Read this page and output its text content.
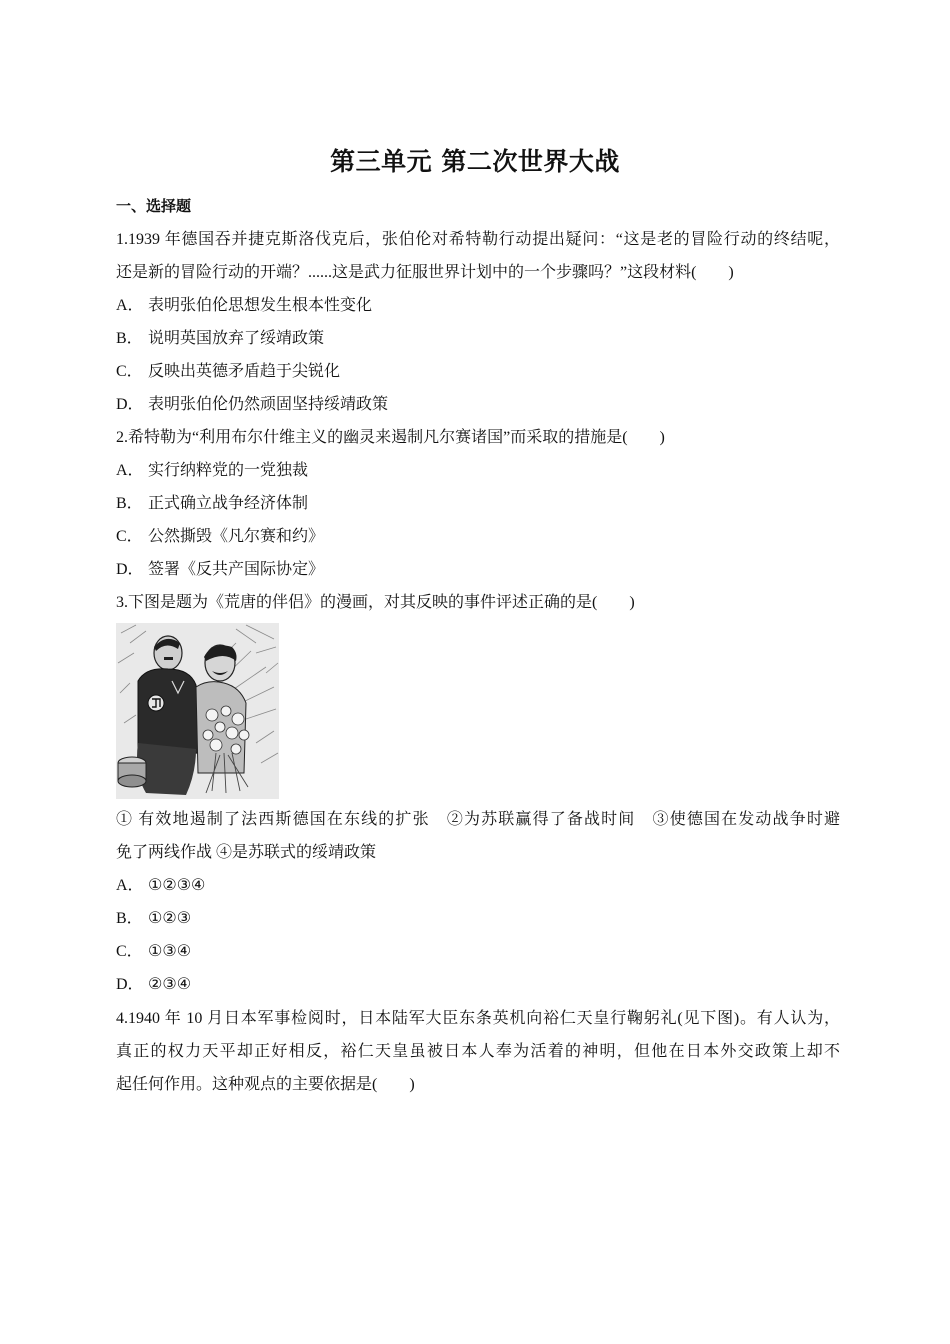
第三单元 第二次世界大战
一、选择题
1.1939 年德国吞并捷克斯洛伐克后，张伯伦对希特勒行动提出疑问：“这是老的冒险行动的终结呢，
还是新的冒险行动的开端？......这是武力征服世界计划中的一个步骤吗？”这段材料(　　)
A． 表明张伯伦思想发生根本性变化
B． 说明英国放弃了绥靖政策
C． 反映出英德矛盾趋于尖锐化
D． 表明张伯伦仍然顽固坚持绥靖政策
2.希特勒为“利用布尔什维主义的幽灵来遏制凡尔赛诸国”而采取的措施是(　　)
A． 实行纳粹党的一党独裁
B． 正式确立战争经济体制
C． 公然撕毁《凡尔赛和约》
D． 签署《反共产国际协定》
3.下图是题为《荒唐的伴侣》的漫画，对其反映的事件评述正确的是(　　)
① 有效地遏制了法西斯德国在东线的扩张　②为苏联赢得了备战时间　③使德国在发动战争时避
免了两线作战 ④是苏联式的绥靖政策
A． ①②③④
B． ①②③
C． ①③④
D． ②③④
4.1940 年 10 月日本军事检阅时，日本陆军大臣东条英机向裕仁天皇行鞠躬礼(见下图)。有人认为，
真正的权力天平却正好相反，裕仁天皇虽被日本人奉为活着的神明，但他在日本外交政策上却不
起任何作用。这种观点的主要依据是(　　)
